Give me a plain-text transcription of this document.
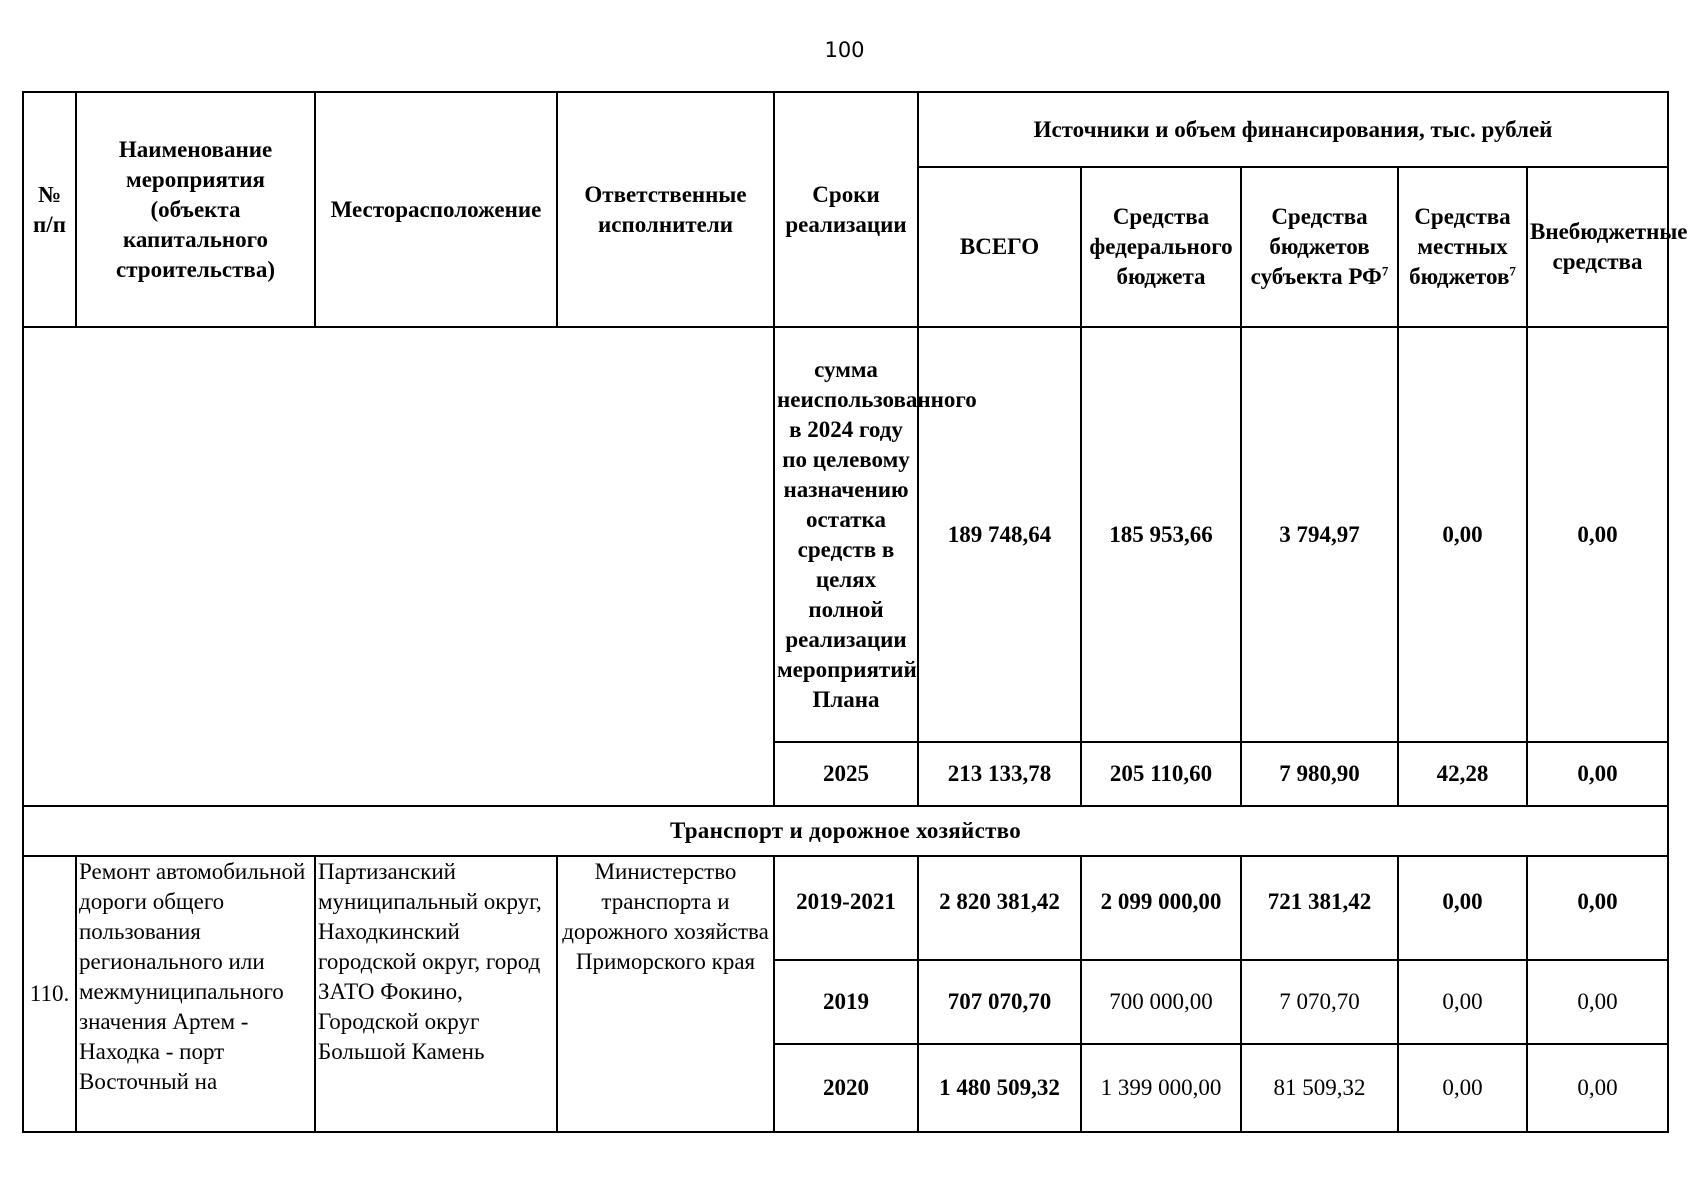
100
№ п/п	Наименование мероприятия (объекта капитального строительства)	Месторасположение	Ответственные исполнители	Сроки реализации	Источники и объем финансирования, тыс. рублей				
					ВСЕГО	Средства федерального бюджета	Средства бюджетов субъекта $РФ^7$	Средства местных бюджетов$^7$	Внебюджетные средства
				сумма неиспользованного в 2024 году по целевому назначению остатка средств в целях полной реализации мероприятий Плана	189 748,64	185 953,66	3 794,97	0,00	0,00
				2025	213 133,78	205 110,60	7 980,90	42,28	0,00
Транспорт и дорожное хозяйство									
110.	Ремонт автомобильной дороги общего пользования регионального или межмуниципального значения Артем - Находка - порт Восточный на	Партизанский муниципальный округ, Находкинский городской округ, город ЗАТО Фокино, Городской округ Большой Камень	Министерство транспорта и дорожного хозяйства Приморского края	2019-2021	2 820 381,42	2 099 000,00	721 381,42	0,00	0,00
				2019	707 070,70	700 000,00	7 070,70	0,00	0,00
				2020	1 480 509,32	1 399 000,00	81 509,32	0,00	0,00
